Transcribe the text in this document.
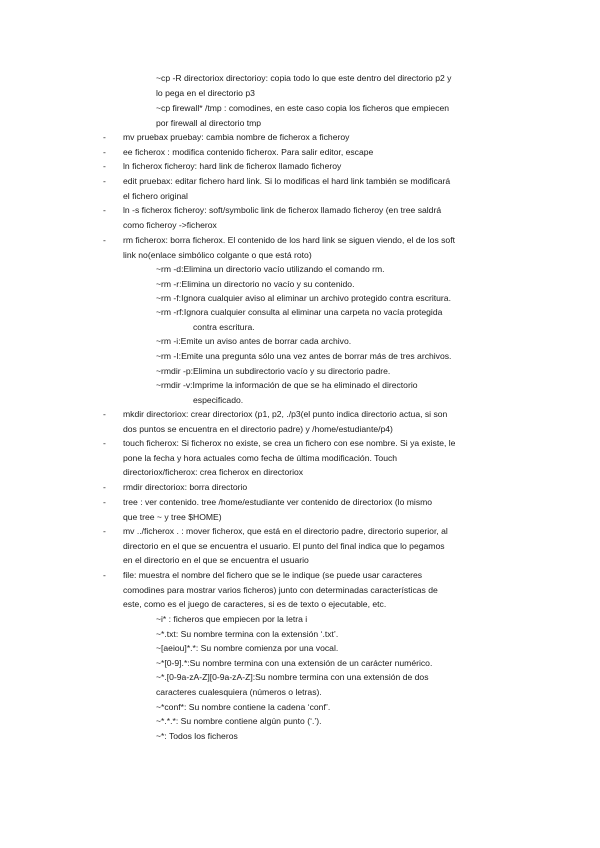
~cp -R directoriox directorioy: copia todo lo que este dentro del directorio p2 y
lo pega en el directorio p3
~cp firewall* /tmp : comodines, en este caso copia los ficheros que empiecen
por firewall al directorio tmp
- mv pruebax pruebay: cambia nombre de ficherox a ficheroy
- ee ficherox : modifica contenido ficherox. Para salir editor, escape
- ln ficherox ficheroy: hard link de ficherox llamado ficheroy
- edit pruebax: editar fichero hard link. Si lo modificas el hard link también se modificará
el fichero original
- ln -s ficherox ficheroy: soft/symbolic link de ficherox llamado ficheroy (en tree saldrá
como ficheroy ->ficherox
- rm ficherox: borra ficherox. El contenido de los hard link se siguen viendo, el de los soft
link no(enlace simbólico colgante o que está roto)
~rm -d:Elimina un directorio vacío utilizando el comando rm.
~rm -r:Elimina un directorio no vacío y su contenido.
~rm -f:Ignora cualquier aviso al eliminar un archivo protegido contra escritura.
~rm -rf:Ignora cualquier consulta al eliminar una carpeta no vacía protegida
contra escritura.
~rm -i:Emite un aviso antes de borrar cada archivo.
~rm -I:Emite una pregunta sólo una vez antes de borrar más de tres archivos.
~rmdir -p:Elimina un subdirectorio vacío y su directorio padre.
~rmdir -v:Imprime la información de que se ha eliminado el directorio
especificado.
- mkdir directoriox: crear directoriox (p1, p2, ./p3(el punto indica directorio actua, si son
dos puntos se encuentra en el directorio padre) y /home/estudiante/p4)
- touch ficherox: Si ficherox no existe, se crea un fichero con ese nombre. Si ya existe, le
pone la fecha y hora actuales como fecha de última modificación. Touch
directoriox/ficherox: crea ficherox en directoriox
- rmdir directoriox: borra directorio
- tree : ver contenido. tree /home/estudiante ver contenido de directoriox (lo mismo
que tree ~ y tree $HOME)
- mv ../ficherox . : mover ficherox, que está en el directorio padre, directorio superior, al
directorio en el que se encuentra el usuario. El punto del final indica que lo pegamos
en el directorio en el que se encuentra el usuario
- file: muestra el nombre del fichero que se le indique (se puede usar caracteres
comodines para mostrar varios ficheros) junto con determinadas características de
este, como es el juego de caracteres, si es de texto o ejecutable, etc.
~i* : ficheros que empiecen por la letra i
~*.txt: Su nombre termina con la extensión ‘.txt’.
~[aeiou]*.*: Su nombre comienza por una vocal.
~*[0-9].*:Su nombre termina con una extensión de un carácter numérico.
~*.[0-9a-zA-Z][0-9a-zA-Z]:Su nombre termina con una extensión de dos
caracteres cualesquiera (números o letras).
~*conf*: Su nombre contiene la cadena ‘conf’.
~*.*.*: Su nombre contiene algún punto (‘.’).
~*: Todos los ficheros
